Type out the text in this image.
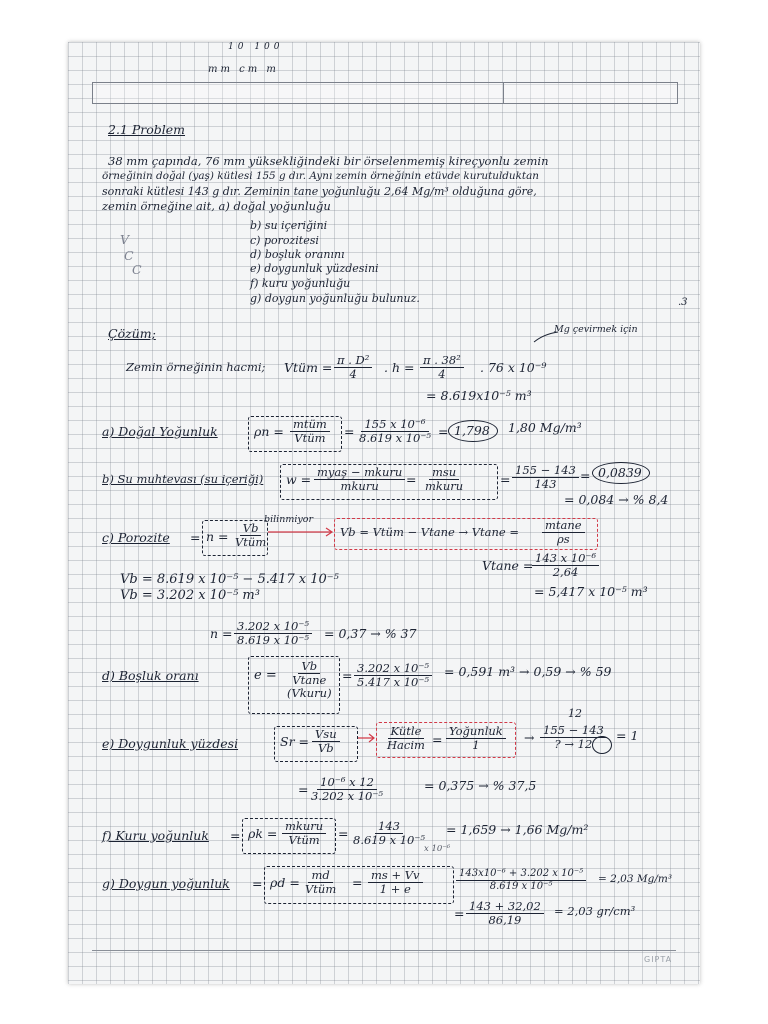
10 100

mm cm m

2.1 Problem

38 mm çapında, 76 mm yüksekliğindeki bir örselenmemiş kireçyonlu zemin

örneğinin doğal (yaş) kütlesi 155 g dır. Aynı zemin örneğinin etüvde kurutulduktan

sonraki kütlesi 143 g dır. Zeminin tane yoğunluğu 2,64 Mg/m³ olduğuna göre,

zemin örneğine ait, a) doğal yoğunluğu

b) su içeriğini

c) porozitesi

d) boşluk oranını

e) doygunluk yüzdesini

f) kuru yoğunluğu

g) doygun yoğunluğu bulunuz.

V

C

C

Çözüm;	Mg çevirmek için

Zemin örneğinin hacmi; Vtüm = $\frac{\text{π . D²}}{4}$ . $h = \frac{\text{π . 38²}}{4}$ . 76 x 10⁻⁹

= 8.619x10⁻⁵ m³

a) Doğal Yoğunluk	ρn = mtüm
Vtüm = $\frac{\text{155 x 10⁻⁶}}{\text{8.619 x 10⁻⁵}} = 1,798$ 1,80 Mg/m³

b) Su muhtevası (su içeriği) w = myaş − mkuru
mkuru = msu
mkuru	= $\frac{155 - 143}{143} = 0,0839$

= 0,084 → % 8,4

c) Porozite = n =

Vb
Vtüm

bilinmiyor

Vb = Vtüm − $Vtane \to Vtane = \frac{mtane}{\rho s}$

Vtane =

$\frac{\text{143 x 10⁻⁶}}{2,64}$

= 5,417 x 10⁻⁵ m³

Vb = 8.619 x 10⁻⁵ − 5.417 x 10⁻⁵

Vb = 3.202 x 10⁻⁵ m³

$n = \frac{\text{3.202 x 10⁻⁵}}{\text{8.619 x 10⁻⁵}} = 0,37$ → % 37

d) Boşluk oranı	e =

Vb
Vtane
(Vkuru)

= $\frac{\text{3.202 x 10⁻⁵}}{\text{5.417 x 10⁻⁵}} = 0,591$ m³ → 0,59 → % 59

e) Doygunluk yüzdesi	Sr = Vsu
Vb
Kütle
Hacim =

Yoğunluk
1

12

→ $\frac{155 - 143}{? \to 12} = 1$

$\frac{\text{10⁻⁶ x 12}}{\text{3.202 x 10⁻⁵}}$

=	= 0,375 → % 37,5

f) Kuru yoğunluk = ρk = mkuru
Vtüm = $\frac{143}{\text{8.619 x 10⁻⁵}}$

x 10⁻⁶

= 1,659 → 1,66 Mg/m²

g) Doygun yoğunluk = ρd = md
Vtüm = $\frac{ms + Vv}{1 + e}$	$\frac{\text{143x10⁻⁶ + 3.202 x 10⁻⁵}}{\text{8.619 x 10⁻⁵}} = 2,03$ Mg/m³

= $\frac{143 + 32,02}{86,19} = 2,03$ gr/cm³

GIPTA
.3
